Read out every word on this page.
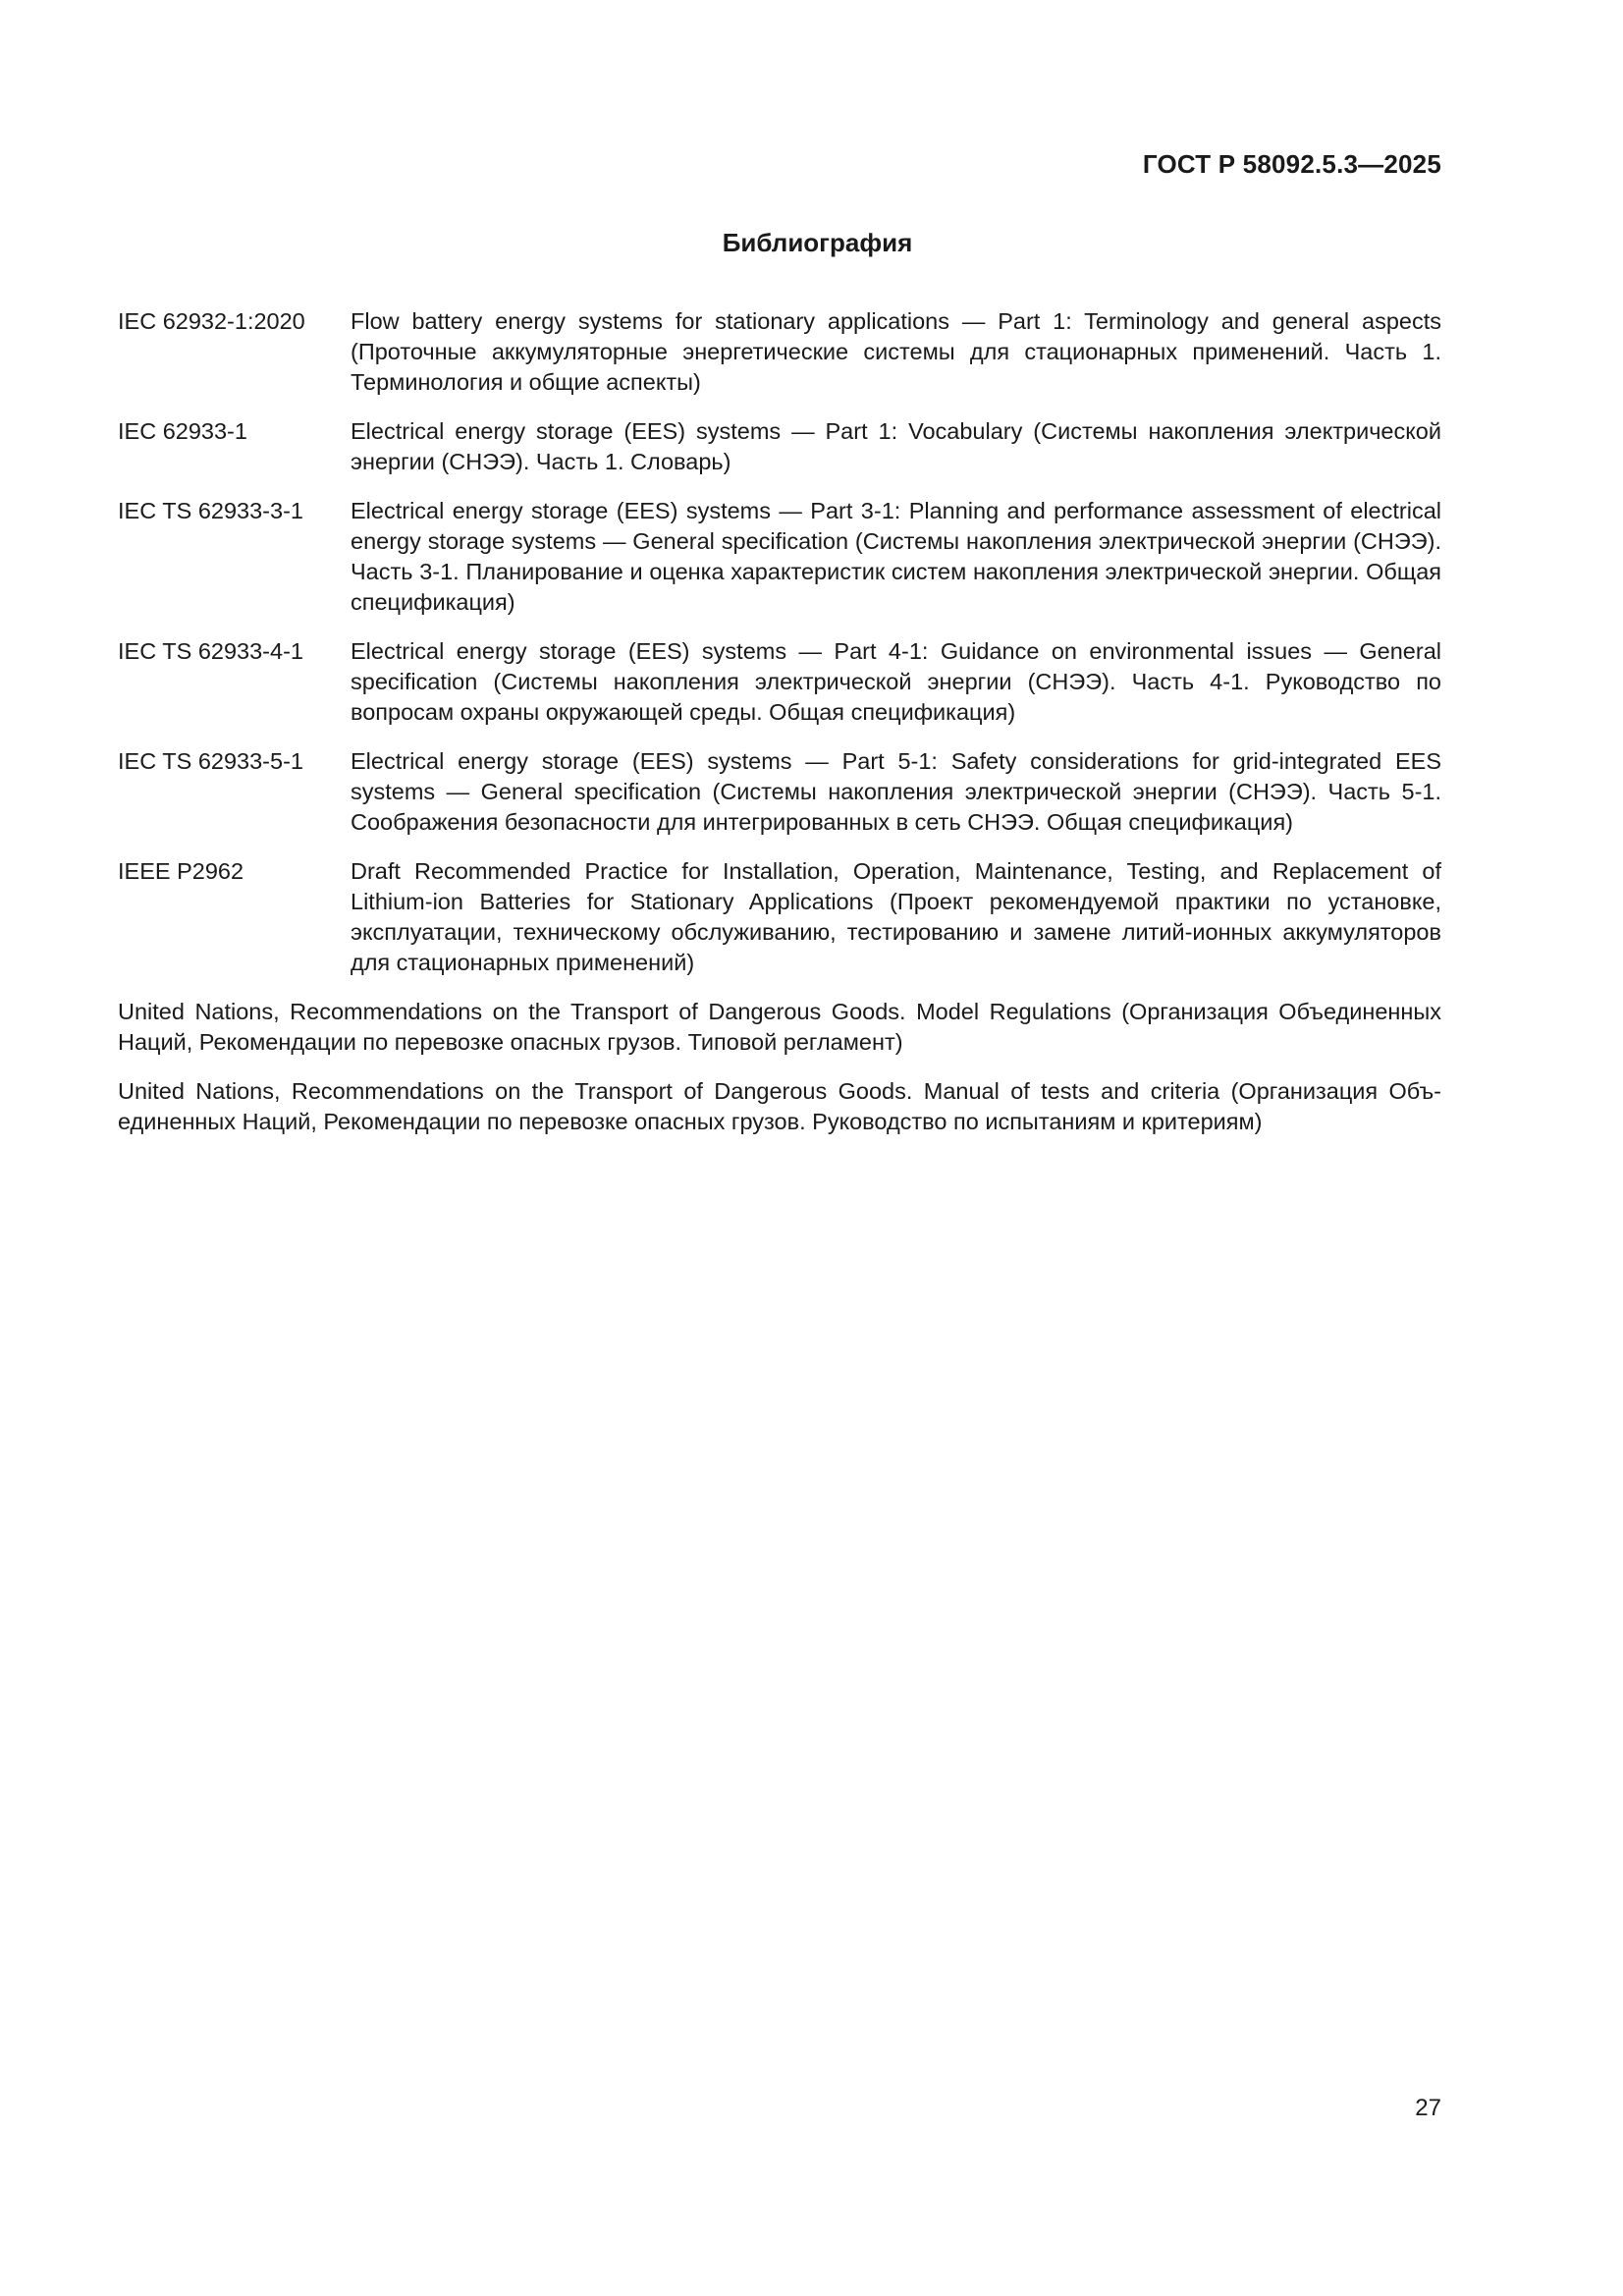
ГОСТ Р 58092.5.3—2025
Библиография
IEC 62932-1:2020	Flow battery energy systems for stationary applications — Part 1: Terminology and general aspects (Проточные аккумуляторные энергетические системы для стационарных применений. Часть 1. Терминология и общие аспекты)
IEC 62933-1	Electrical energy storage (EES) systems — Part 1: Vocabulary (Системы накопления электрической энергии (СНЭЭ). Часть 1. Словарь)
IEC TS 62933-3-1	Electrical energy storage (EES) systems — Part 3-1: Planning and performance assessment of electrical energy storage systems — General specification (Системы накопления электрической энергии (СНЭЭ). Часть 3-1. Планирование и оценка характеристик систем накопления электрической энергии. Общая спецификация)
IEC TS 62933-4-1	Electrical energy storage (EES) systems — Part 4-1: Guidance on environmental issues — General specification (Системы накопления электрической энергии (СНЭЭ). Часть 4-1. Руководство по вопросам охраны окружающей среды. Общая спецификация)
IEC TS 62933-5-1	Electrical energy storage (EES) systems — Part 5-1: Safety considerations for grid-integrated EES systems — General specification (Системы накопления электрической энергии (СНЭЭ). Часть 5-1. Соображения безопасности для интегрированных в сеть СНЭЭ. Общая спецификация)
IEEE P2962	Draft Recommended Practice for Installation, Operation, Maintenance, Testing, and Replacement of Lithium-ion Batteries for Stationary Applications (Проект рекомендуемой практики по установке, эксплуатации, техническому обслуживанию, тестированию и замене литий-ионных аккумуляторов для стационарных применений)
United Nations, Recommendations on the Transport of Dangerous Goods. Model Regulations (Организация Объединенных Наций, Рекомендации по перевозке опасных грузов. Типовой регламент)
United Nations, Recommendations on the Transport of Dangerous Goods. Manual of tests and criteria (Организация Объединенных Наций, Рекомендации по перевозке опасных грузов. Руководство по испытаниям и критериям)
27
